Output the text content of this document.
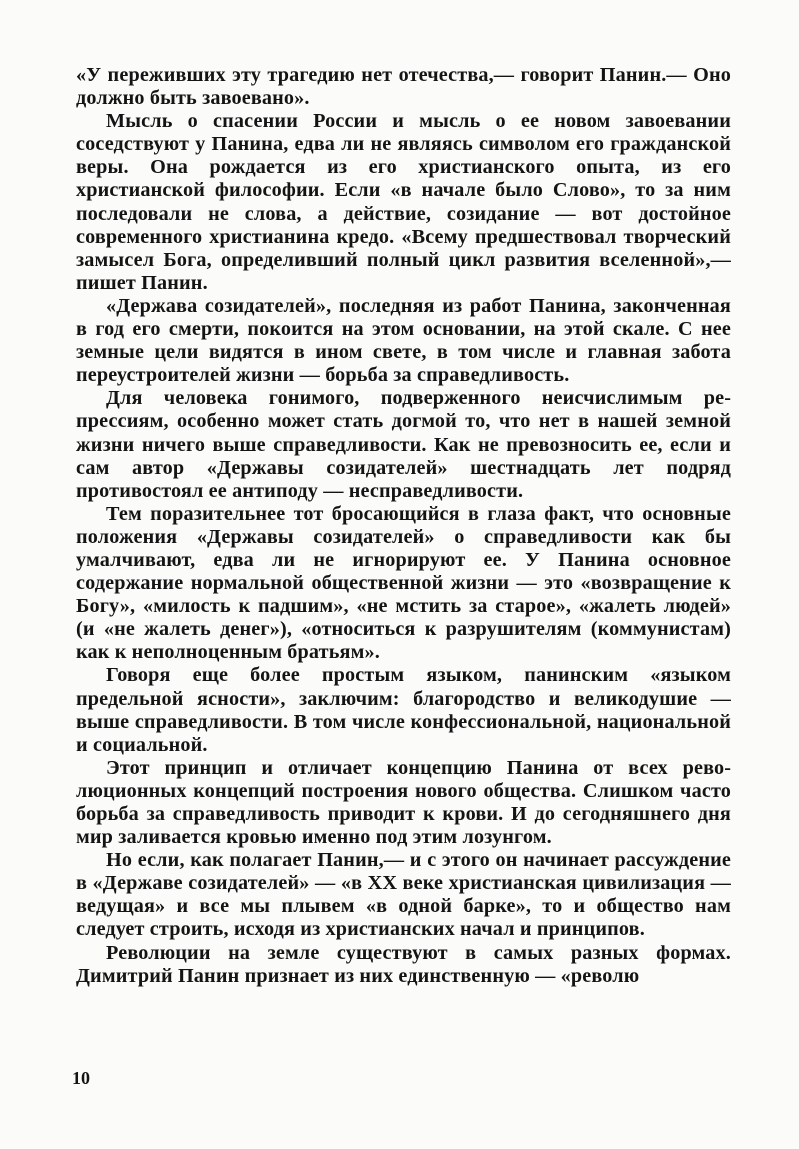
«У переживших эту трагедию нет отечества,— говорит Панин.— Оно должно быть завоевано».

Мысль о спасении России и мысль о ее новом завоевании соседствуют у Панина, едва ли не являясь символом его гражданской веры. Она рождается из его христианского опыта, из его христианской философии. Если «в начале было Слово», то за ним последовали не слова, а действие, созидание — вот достойное современного христианина кредо. «Всему предшествовал творческий замысел Бога, определивший полный цикл развития вселенной»,— пишет Панин.

«Держава созидателей», последняя из работ Панина, законченная в год его смерти, покоится на этом основании, на этой скале. С нее земные цели видятся в ином свете, в том числе и главная забота переустроителей жизни — борьба за справедливость.

Для человека гонимого, подверженного неисчислимым репрессиям, особенно может стать догмой то, что нет в нашей земной жизни ничего выше справедливости. Как не превозносить ее, если и сам автор «Державы созидателей» шестнадцать лет подряд противостоял ее антиподу — несправедливости.

Тем поразительнее тот бросающийся в глаза факт, что основные положения «Державы созидателей» о справедливости как бы умалчивают, едва ли не игнорируют ее. У Панина основное содержание нормальной общественной жизни — это «возвращение к Богу», «милость к падшим», «не мстить за старое», «жалеть людей» (и «не жалеть денег»), «относиться к разрушителям (коммунистам) как к неполноценным братьям».

Говоря еще более простым языком, панинским «языком предельной ясности», заключим: благородство и великодушие — выше справедливости. В том числе конфессиональной, национальной и социальной.

Этот принцип и отличает концепцию Панина от всех революционных концепций построения нового общества. Слишком часто борьба за справедливость приводит к крови. И до сегодняшнего дня мир заливается кровью именно под этим лозунгом.

Но если, как полагает Панин,— и с этого он начинает рассуждение в «Державе созидателей» — «в XX веке христианская цивилизация — ведущая» и все мы плывем «в одной барке», то и общество нам следует строить, исходя из христианских начал и принципов.

Революции на земле существуют в самых разных формах. Димитрий Панин признает из них единственную — «револю

10
